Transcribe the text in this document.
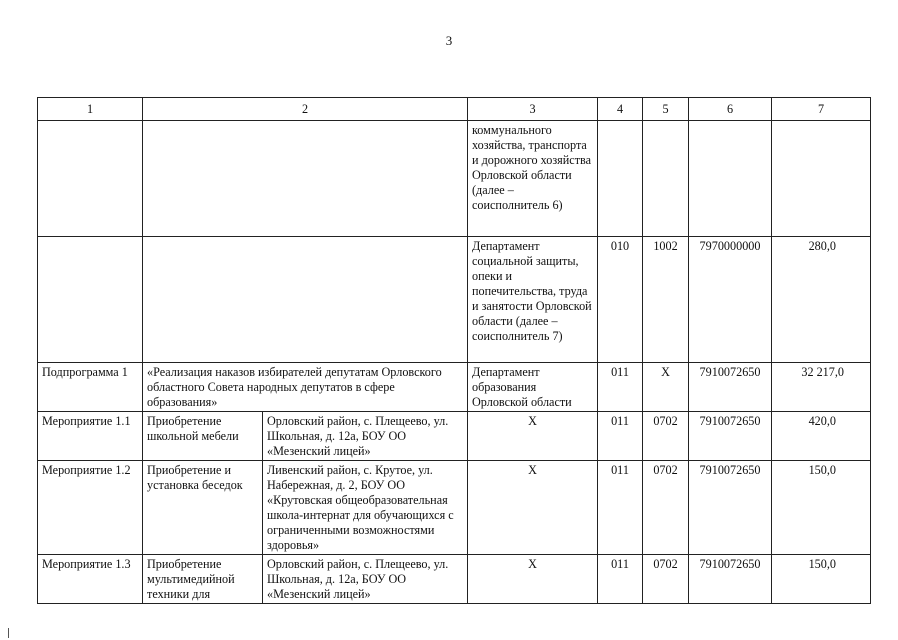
3
1	2		3	4	5	6	7
			коммунального хозяйства, транспорта и дорожного хозяйства Орловской области (далее – соисполнитель 6)				
			Департамент социальной защиты, опеки и попечительства, труда и занятости Орловской области (далее – соисполнитель 7)	010	1002	7970000000	280,0
Подпрограмма 1	«Реализация наказов избирателей депутатам Орловского областного Совета народных депутатов в сфере образования»		Департамент образования Орловской области	011	X	7910072650	32 217,0
Мероприятие 1.1	Приобретение школьной мебели	Орловский район, с. Плещеево, ул. Школьная, д. 12а, БОУ ОО «Мезенский лицей»	X	011	0702	7910072650	420,0
Мероприятие 1.2	Приобретение и установка беседок	Ливенский район, с. Крутое, ул. Набережная, д. 2, БОУ ОО «Крутовская общеобразовательная школа-интернат для обучающихся с ограниченными возможностями здоровья»	X	011	0702	7910072650	150,0
Мероприятие 1.3	Приобретение мультимедийной техники для	Орловский район, с. Плещеево, ул. Школьная, д. 12а, БОУ ОО «Мезенский лицей»	X	011	0702	7910072650	150,0
